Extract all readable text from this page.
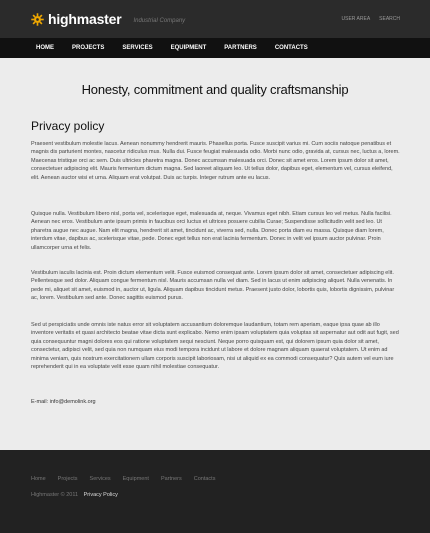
highmaster Industrial Company	USER AREA SEARCH
HOME	PROJECTS	SERVICES	EQUIPMENT	PARTNERS	CONTACTS
Honesty, commitment and quality craftsmanship
Privacy policy

Praesent vestibulum molestie lacus. Aenean nonummy hendrerit mauris. Phasellus porta. Fusce suscipit varius mi. Cum sociis natoque penatibus et magnis dis parturient montes, nascetur ridiculus mus. Nulla dui. Fusce feugiat malesuada odio. Morbi nunc odio, gravida at, cursus nec, luctus a, lorem. Maecenas tristique orci ac sem. Duis ultricies pharetra magna. Donec accumsan malesuada orci. Donec sit amet eros. Lorem ipsum dolor sit amet, consectetuer adipiscing elit. Mauris fermentum dictum magna. Sed laoreet aliquam leo. Ut tellus dolor, dapibus eget, elementum vel, cursus eleifend, elit. Aenean auctor wisi et urna. Aliquam erat volutpat. Duis ac turpis. Integer rutrum ante eu lacus.

Quisque nulla. Vestibulum libero nisl, porta vel, scelerisque eget, malesuada at, neque. Vivamus eget nibh. Etiam cursus leo vel metus. Nulla facilisi. Aenean nec eros. Vestibulum ante ipsum primis in faucibus orci luctus et ultrices posuere cubilia Curae; Suspendisse sollicitudin velit sed leo. Ut pharetra augue nec augue. Nam elit magna, hendrerit sit amet, tincidunt ac, viverra sed, nulla. Donec porta diam eu massa. Quisque diam lorem, interdum vitae, dapibus ac, scelerisque vitae, pede. Donec eget tellus non erat lacinia fermentum. Donec in velit vel ipsum auctor pulvinar. Proin ullamcorper urna et felis.

Vestibulum iaculis lacinia est. Proin dictum elementum velit. Fusce euismod consequat ante. Lorem ipsum dolor sit amet, consectetuer adipiscing elit. Pellentesque sed dolor. Aliquam congue fermentum nisl. Mauris accumsan nulla vel diam. Sed in lacus ut enim adipiscing aliquet. Nulla venenatis. In pede mi, aliquet sit amet, euismod in, auctor ut, ligula. Aliquam dapibus tincidunt metus. Praesent justo dolor, lobortis quis, lobortis dignissim, pulvinar ac, lorem. Vestibulum sed ante. Donec sagittis euismod purus.

Sed ut perspiciatis unde omnis iste natus error sit voluptatem accusantium doloremque laudantium, totam rem aperiam, eaque ipsa quae ab illo inventore veritatis et quasi architecto beatae vitae dicta sunt explicabo. Nemo enim ipsam voluptatem quia voluptas sit aspernatur aut odit aut fugit, sed quia consequuntur magni dolores eos qui ratione voluptatem sequi nesciunt. Neque porro quisquam est, qui dolorem ipsum quia dolor sit amet, consectetur, adipisci velit, sed quia non numquam eius modi tempora incidunt ut labore et dolore magnam aliquam quaerat voluptatem. Ut enim ad minima veniam, quis nostrum exercitationem ullam corporis suscipit laboriosam, nisi ut aliquid ex ea commodi consequatur? Quis autem vel eum iure reprehenderit qui in ea voluptate velit esse quam nihil molestiae consequatur.

E-mail: info@demolink.org
Home Projects Services Equipment Partners Contacts
Highmaster © 2011 Privacy Policy
